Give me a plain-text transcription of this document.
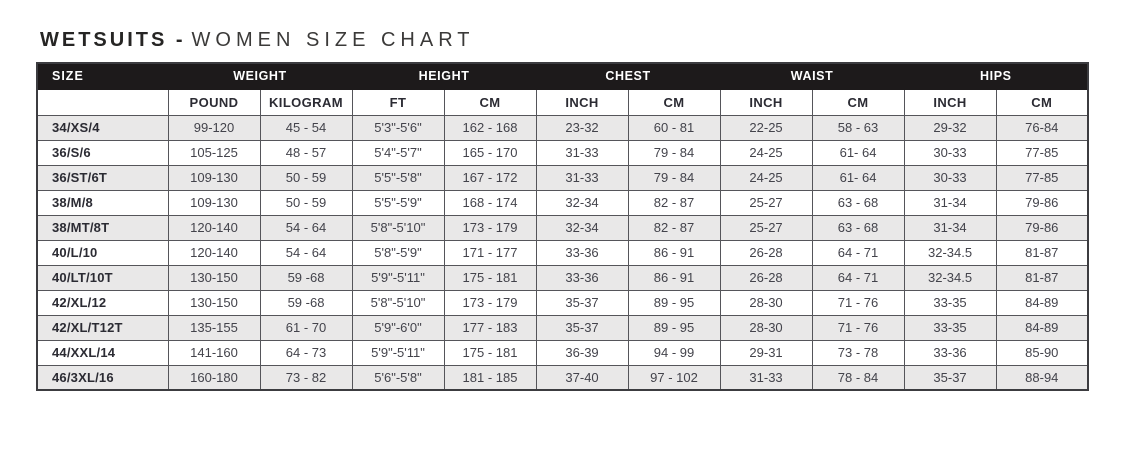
WETSUITS - WOMEN SIZE CHART
SIZE	WEIGHT		HEIGHT		CHEST		WAIST		HIPS	
	POUND	KILOGRAM	FT	CM	INCH	CM	INCH	CM	INCH	CM
34/XS/4	99-120	45 - 54	5'3"-5'6"	162 - 168	23-32	60 - 81	22-25	58 - 63	29-32	76-84
36/S/6	105-125	48 - 57	5'4"-5'7"	165 - 170	31-33	79 - 84	24-25	61- 64	30-33	77-85
36/ST/6T	109-130	50 - 59	5'5"-5'8"	167 - 172	31-33	79 - 84	24-25	61- 64	30-33	77-85
38/M/8	109-130	50 - 59	5'5"-5'9"	168 - 174	32-34	82 - 87	25-27	63 - 68	31-34	79-86
38/MT/8T	120-140	54 - 64	5'8"-5'10"	173 - 179	32-34	82 - 87	25-27	63 - 68	31-34	79-86
40/L/10	120-140	54 - 64	5'8"-5'9"	171 - 177	33-36	86 - 91	26-28	64 - 71	32-34.5	81-87
40/LT/10T	130-150	59 -68	5'9"-5'11"	175 - 181	33-36	86 - 91	26-28	64 - 71	32-34.5	81-87
42/XL/12	130-150	59 -68	5'8"-5'10"	173 - 179	35-37	89 - 95	28-30	71 - 76	33-35	84-89
42/XL/T12T	135-155	61 - 70	5'9"-6'0"	177 - 183	35-37	89 - 95	28-30	71 - 76	33-35	84-89
44/XXL/14	141-160	64 - 73	5'9"-5'11"	175 - 181	36-39	94 - 99	29-31	73 - 78	33-36	85-90
46/3XL/16	160-180	73 - 82	5'6"-5'8"	181 - 185	37-40	97 - 102	31-33	78 - 84	35-37	88-94
